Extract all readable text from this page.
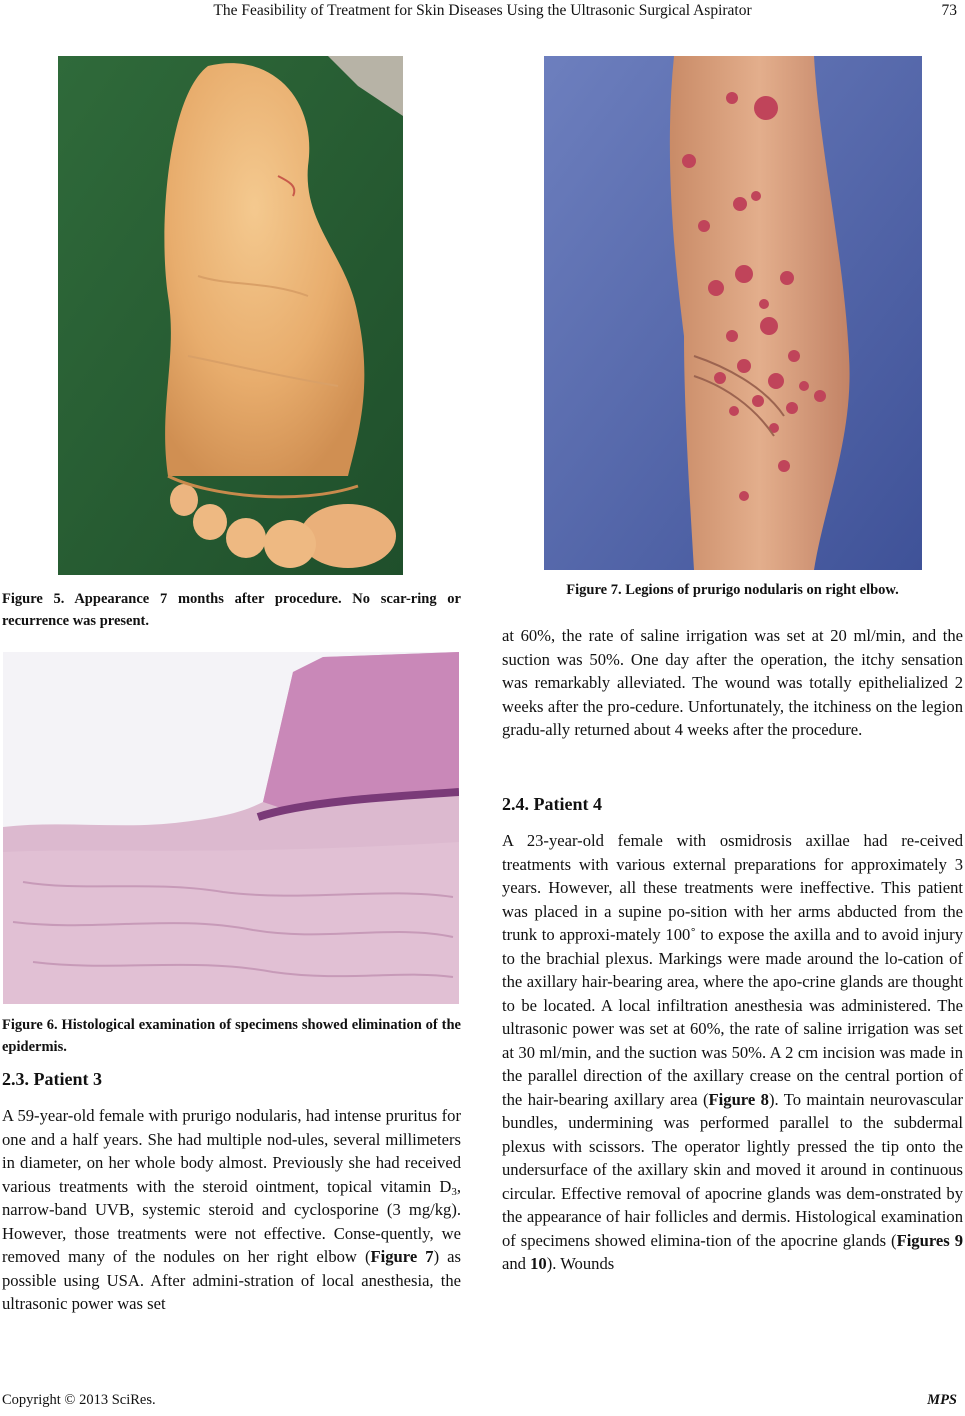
The Feasibility of Treatment for Skin Diseases Using the Ultrasonic Surgical Aspirator	73
Figure 5. Appearance 7 months after procedure. No scar-ring or recurrence was present.
Figure 6. Histological examination of specimens showed elimination of the epidermis.
Figure 7. Legions of prurigo nodularis on right elbow.
2.3. Patient 3

A 59-year-old female with prurigo nodularis, had intense pruritus for one and a half years. She had multiple nod-ules, several millimeters in diameter, on her whole body almost. Previously she had received various treatments with the steroid ointment, topical vitamin $D_3$, narrow-band UVB, systemic steroid and cyclosporine (3 mg/kg). However, those treatments were not effective. Conse-quently, we removed many of the nodules on her right elbow (Figure 7) as possible using USA. After admini-stration of local anesthesia, the ultrasonic power was set

at 60%, the rate of saline irrigation was set at 20 ml/min, and the suction was 50%. One day after the operation, the itchy sensation was remarkably alleviated. The wound was totally epithelialized 2 weeks after the pro-cedure. Unfortunately, the itchiness on the legion gradu-ally returned about 4 weeks after the procedure.

2.4. Patient 4

A 23-year-old female with osmidrosis axillae had re-ceived treatments with various external preparations for approximately 3 years. However, all these treatments were ineffective. This patient was placed in a supine po-sition with her arms abducted from the trunk to approxi-mately 100˚ to expose the axilla and to avoid injury to the brachial plexus. Markings were made around the lo-cation of the axillary hair-bearing area, where the apo-crine glands are thought to be located. A local infiltration anesthesia was administered. The ultrasonic power was set at 60%, the rate of saline irrigation was set at 30 ml/min, and the suction was 50%. A 2 cm incision was made in the parallel direction of the axillary crease on the central portion of the hair-bearing axillary area (Figure 8). To maintain neurovascular bundles, undermining was performed parallel to the subdermal plexus with scissors. The operator lightly pressed the tip onto the undersurface of the axillary skin and moved it around in continuous circular. Effective removal of apocrine glands was dem-onstrated by the appearance of hair follicles and dermis. Histological examination of specimens showed elimina-tion of the apocrine glands (Figures 9 and 10). Wounds

Copyright © 2013 SciRes.	MPS
